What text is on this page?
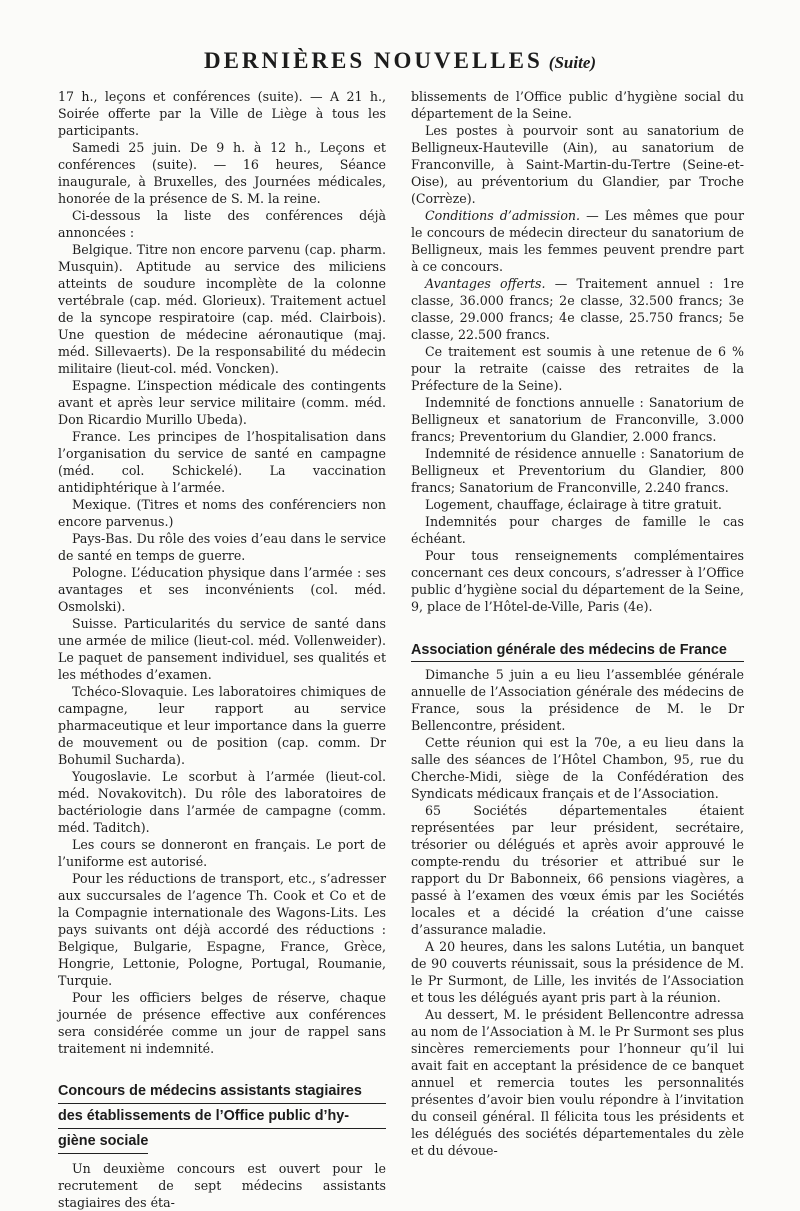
DERNIÈRES NOUVELLES (Suite)

17 h., leçons et conférences (suite). — A 21 h., Soirée offerte par la Ville de Liège à tous les participants.

Samedi 25 juin. De 9 h. à 12 h., Leçons et conférences (suite). — 16 heures, Séance inaugurale, à Bruxelles, des Journées médicales, honorée de la présence de S. M. la reine.

Ci-dessous la liste des conférences déjà annoncées :

Belgique. Titre non encore parvenu (cap. pharm. Musquin). Aptitude au service des miliciens atteints de soudure incomplète de la colonne vertébrale (cap. méd. Glorieux). Traitement actuel de la syncope respiratoire (cap. méd. Clairbois). Une question de médecine aéronautique (maj. méd. Sillevaerts). De la responsabilité du médecin militaire (lieut-col. méd. Voncken).

Espagne. L’inspection médicale des contingents avant et après leur service militaire (comm. méd. Don Ricardio Murillo Ubeda).

France. Les principes de l’hospitalisation dans l’organisation du service de santé en campagne (méd. col. Schickelé). La vaccination antidiphtérique à l’armée.

Mexique. (Titres et noms des conférenciers non encore parvenus.)

Pays-Bas. Du rôle des voies d’eau dans le service de santé en temps de guerre.

Pologne. L’éducation physique dans l’armée : ses avantages et ses inconvénients (col. méd. Osmolski).

Suisse. Particularités du service de santé dans une armée de milice (lieut-col. méd. Vollenweider). Le paquet de pansement individuel, ses qualités et les méthodes d’examen.

Tchéco-Slovaquie. Les laboratoires chimiques de campagne, leur rapport au service pharmaceutique et leur importance dans la guerre de mouvement ou de position (cap. comm. Dr Bohumil Sucharda).

Yougoslavie. Le scorbut à l’armée (lieut-col. méd. Novakovitch). Du rôle des laboratoires de bactériologie dans l’armée de campagne (comm. méd. Taditch).

Les cours se donneront en français. Le port de l’uniforme est autorisé.

Pour les réductions de transport, etc., s’adresser aux succursales de l’agence Th. Cook et Co et de la Compagnie internationale des Wagons-Lits. Les pays suivants ont déjà accordé des réductions : Belgique, Bulgarie, Espagne, France, Grèce, Hongrie, Lettonie, Pologne, Portugal, Roumanie, Turquie.

Pour les officiers belges de réserve, chaque journée de présence effective aux conférences sera considérée comme un jour de rappel sans traitement ni indemnité.

Concours de médecins assistants stagiaires
des établissements de l’Office public d’hy-
giène sociale

Un deuxième concours est ouvert pour le recrutement de sept médecins assistants stagiaires des éta-

blissements de l’Office public d’hygiène social du département de la Seine.

Les postes à pourvoir sont au sanatorium de Belligneux-Hauteville (Ain), au sanatorium de Franconville, à Saint-Martin-du-Tertre (Seine-et-Oise), au préventorium du Glandier, par Troche (Corrèze).

Conditions d’admission. — Les mêmes que pour le concours de médecin directeur du sanatorium de Belligneux, mais les femmes peuvent prendre part à ce concours.

Avantages offerts. — Traitement annuel : 1re classe, 36.000 francs; 2e classe, 32.500 francs; 3e classe, 29.000 francs; 4e classe, 25.750 francs; 5e classe, 22.500 francs.

Ce traitement est soumis à une retenue de 6 % pour la retraite (caisse des retraites de la Préfecture de la Seine).

Indemnité de fonctions annuelle : Sanatorium de Belligneux et sanatorium de Franconville, 3.000 francs; Preventorium du Glandier, 2.000 francs.

Indemnité de résidence annuelle : Sanatorium de Belligneux et Preventorium du Glandier, 800 francs; Sanatorium de Franconville, 2.240 francs.

Logement, chauffage, éclairage à titre gratuit.

Indemnités pour charges de famille le cas échéant.

Pour tous renseignements complémentaires concernant ces deux concours, s’adresser à l’Office public d’hygiène social du département de la Seine, 9, place de l’Hôtel-de-Ville, Paris (4e).

Association générale des médecins de France

Dimanche 5 juin a eu lieu l’assemblée générale annuelle de l’Association générale des médecins de France, sous la présidence de M. le Dr Bellencontre, président.

Cette réunion qui est la 70e, a eu lieu dans la salle des séances de l’Hôtel Chambon, 95, rue du Cherche-Midi, siège de la Confédération des Syndicats médicaux français et de l’Association.

65 Sociétés départementales étaient représentées par leur président, secrétaire, trésorier ou délégués et après avoir approuvé le compte-rendu du trésorier et attribué sur le rapport du Dr Babonneix, 66 pensions viagères, a passé à l’examen des vœux émis par les Sociétés locales et a décidé la création d’une caisse d’assurance maladie.

A 20 heures, dans les salons Lutétia, un banquet de 90 couverts réunissait, sous la présidence de M. le Pr Surmont, de Lille, les invités de l’Association et tous les délégués ayant pris part à la réunion.

Au dessert, M. le président Bellencontre adressa au nom de l’Association à M. le Pr Surmont ses plus sincères remerciements pour l’honneur qu’il lui avait fait en acceptant la présidence de ce banquet annuel et remercia toutes les personnalités présentes d’avoir bien voulu répondre à l’invitation du conseil général. Il félicita tous les présidents et les délégués des sociétés départementales du zèle et du dévoue-
